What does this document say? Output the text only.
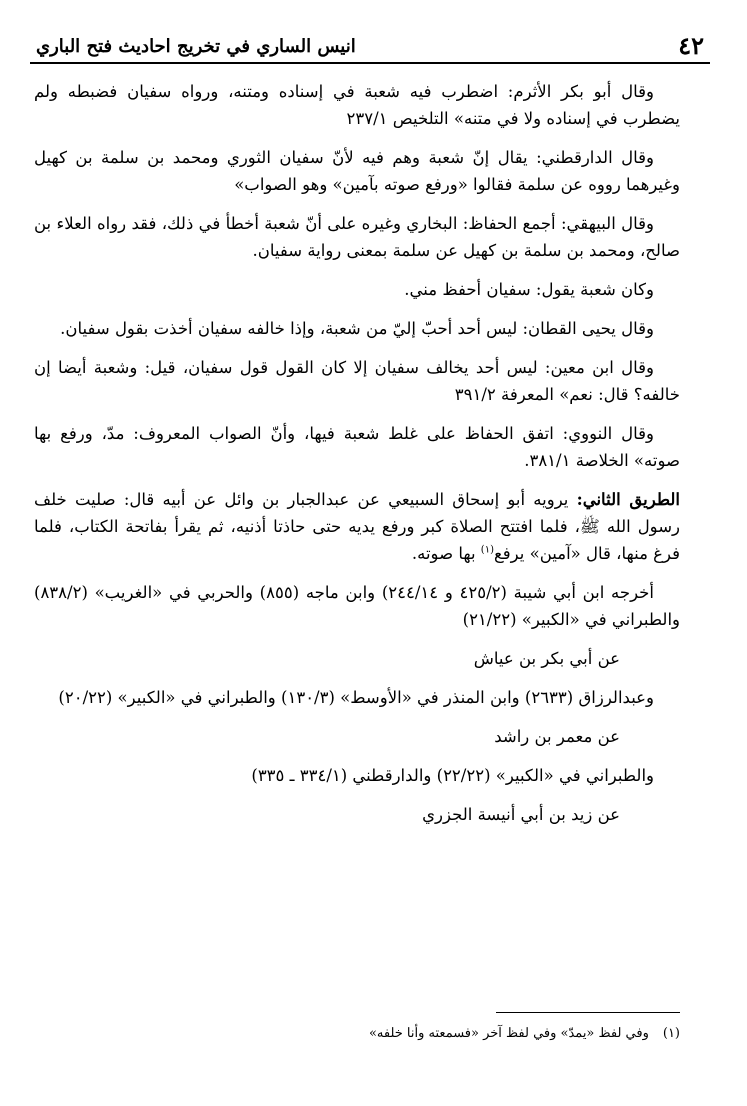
٤٢
انيس الساري في تخريج احاديث فتح الباري

وقال أبو بكر الأثرم: اضطرب فيه شعبة في إسناده ومتنه، ورواه سفيان فضبطه ولم يضطرب في إسناده ولا في متنه» التلخيص ٢٣٧/١

وقال الدارقطني: يقال إنّ شعبة وهم فيه لأنّ سفيان الثوري ومحمد بن سلمة بن كهيل وغيرهما رووه عن سلمة فقالوا «ورفع صوته بآمين» وهو الصواب»

وقال البيهقي: أجمع الحفاظ: البخاري وغيره على أنّ شعبة أخطأ في ذلك، فقد رواه العلاء بن صالح، ومحمد بن سلمة بن كهيل عن سلمة بمعنى رواية سفيان.

وكان شعبة يقول: سفيان أحفظ مني.

وقال يحيى القطان: ليس أحد أحبّ إليّ من شعبة، وإذا خالفه سفيان أخذت بقول سفيان.

وقال ابن معين: ليس أحد يخالف سفيان إلا كان القول قول سفيان، قيل: وشعبة أيضا إن خالفه؟ قال: نعم» المعرفة ٣٩١/٢

وقال النووي: اتفق الحفاظ على غلط شعبة فيها، وأنّ الصواب المعروف: مدّ، ورفع بها صوته» الخلاصة ٣٨١/١.

الطريق الثاني: يرويه أبو إسحاق السبيعي عن عبدالجبار بن وائل عن أبيه قال: صليت خلف رسول الله ﷺ، فلما افتتح الصلاة كبر ورفع يديه حتى حاذتا أذنيه، ثم يقرأ بفاتحة الكتاب، فلما فرغ منها، قال «آمين» يرفع$^{(١)}$ بها صوته.

أخرجه ابن أبي شيبة (٤٢٥/٢ و ٢٤٤/١٤) وابن ماجه (٨٥٥) والحربي في «الغريب» (٨٣٨/٢) والطبراني في «الكبير» (٢١/٢٢)

عن أبي بكر بن عياش

وعبدالرزاق (٢٦٣٣) وابن المنذر في «الأوسط» (١٣٠/٣) والطبراني في «الكبير» (٢٠/٢٢)

عن معمر بن راشد

والطبراني في «الكبير» (٢٢/٢٢) والدارقطني (٣٣٤/١ ـ ٣٣٥)

عن زيد بن أبي أنيسة الجزري

(١)وفي لفظ «يمدّ» وفي لفظ آخر «فسمعته وأنا خلفه»
